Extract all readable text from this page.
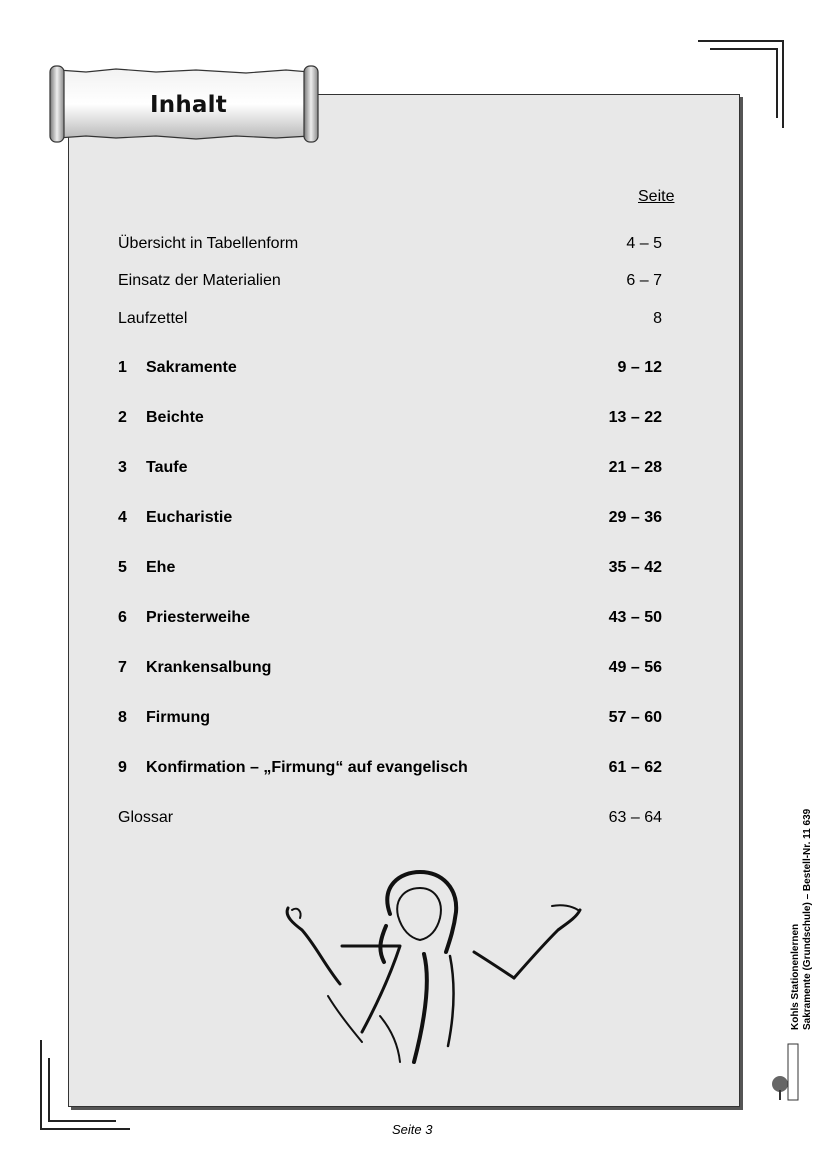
Inhalt
Seite
Übersicht in Tabellenform	4 – 5
Einsatz der Materialien	6 – 7
Laufzettel	8
1 Sakramente	9 – 12
2 Beichte	13 – 22
3 Taufe	21 – 28
4 Eucharistie	29 – 36
5 Ehe	35 – 42
6 Priesterweihe	43 – 50
7 Krankensalbung	49 – 56
8 Firmung	57 – 60
9 Konfirmation – „Firmung“ auf evangelisch	61 – 62
Glossar	63 – 64
Seite 3
Kohls Stationenlernen Sakramente (Grundschule) – Bestell-Nr. 11 639
